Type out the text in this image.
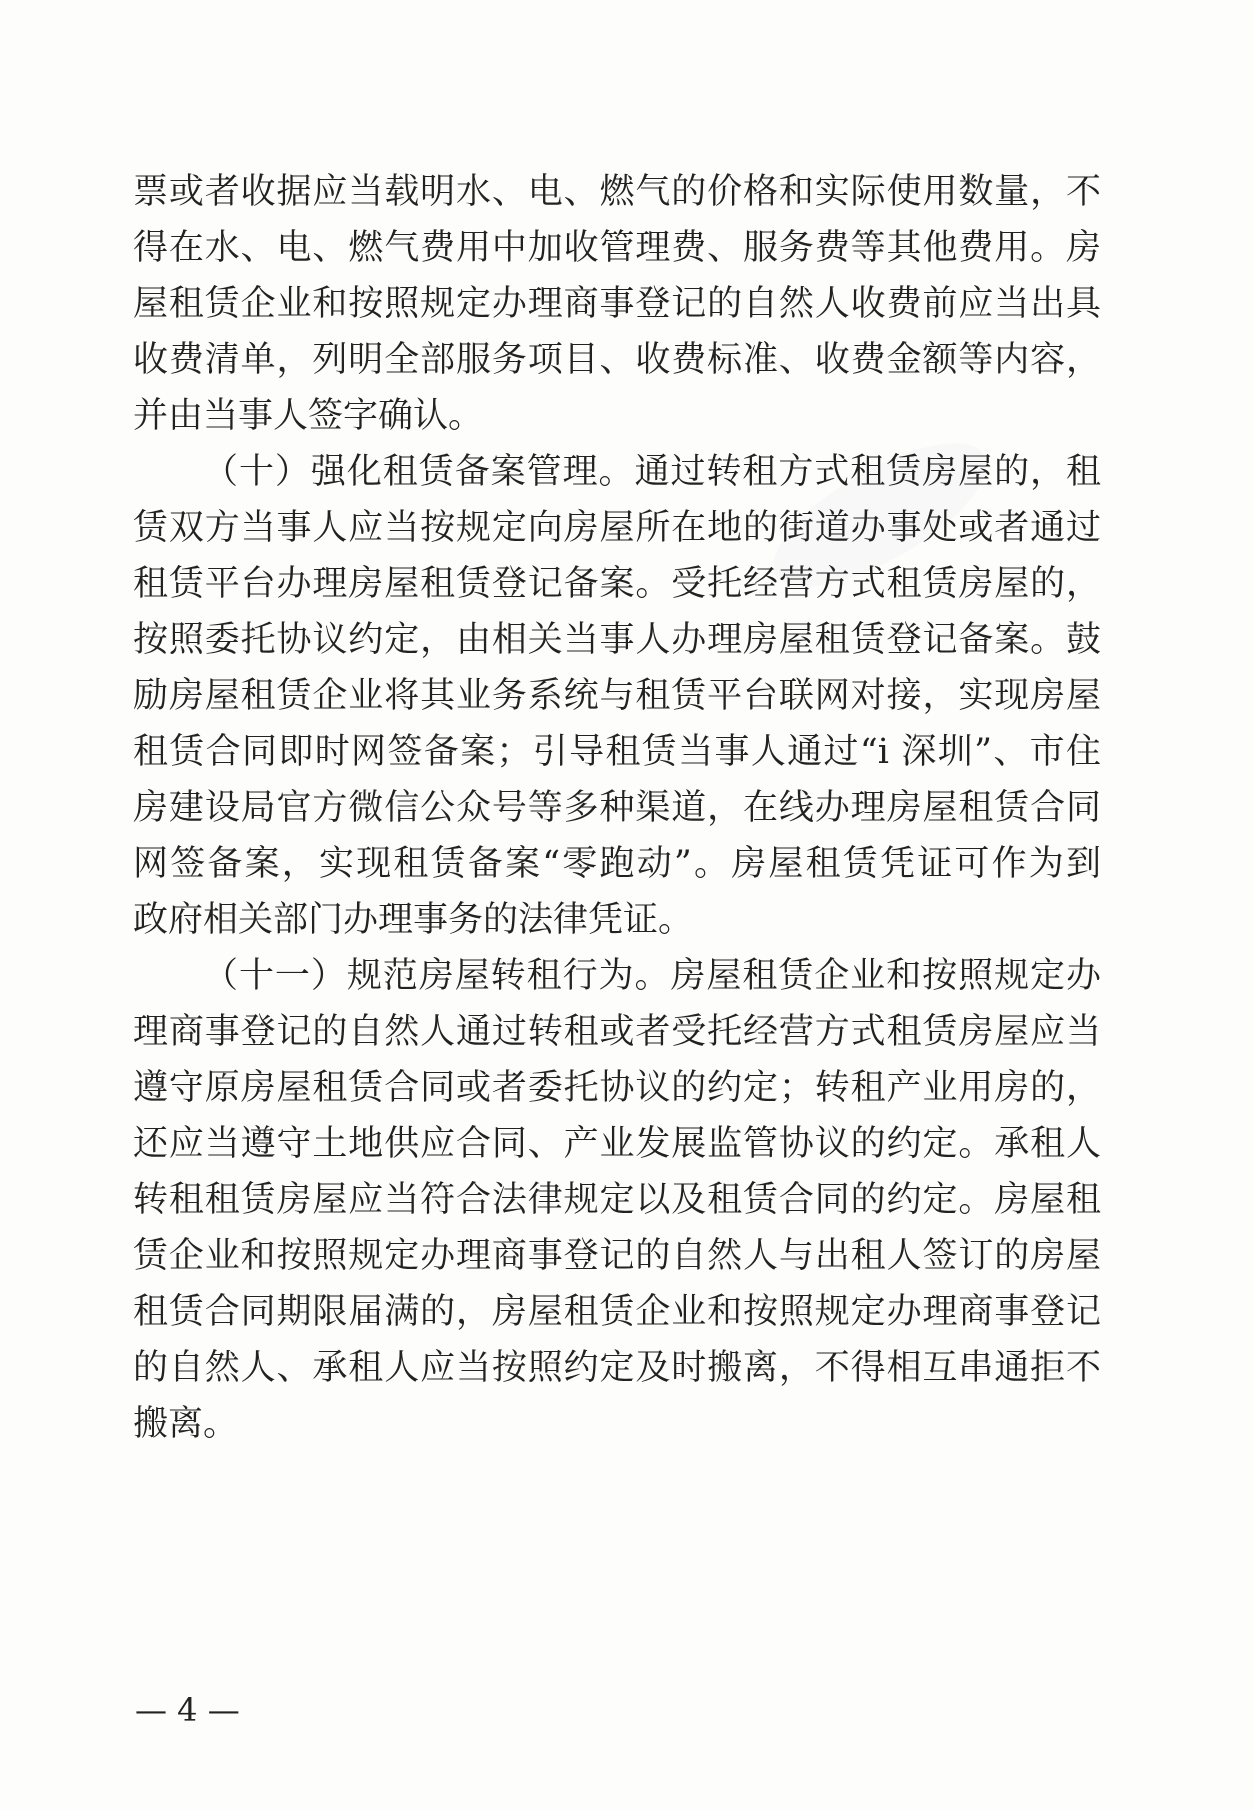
票或者收据应当载明水、电、燃气的价格和实际使用数量，不
得在水、电、燃气费用中加收管理费、服务费等其他费用。房
屋租赁企业和按照规定办理商事登记的自然人收费前应当出具
收费清单，列明全部服务项目、收费标准、收费金额等内容，
并由当事人签字确认。
（十）强化租赁备案管理。通过转租方式租赁房屋的，租
赁双方当事人应当按规定向房屋所在地的街道办事处或者通过
租赁平台办理房屋租赁登记备案。受托经营方式租赁房屋的，
按照委托协议约定，由相关当事人办理房屋租赁登记备案。鼓
励房屋租赁企业将其业务系统与租赁平台联网对接，实现房屋
租赁合同即时网签备案；引导租赁当事人通过“i 深圳”、市住
房建设局官方微信公众号等多种渠道，在线办理房屋租赁合同
网签备案，实现租赁备案“零跑动”。房屋租赁凭证可作为到
政府相关部门办理事务的法律凭证。
（十一）规范房屋转租行为。房屋租赁企业和按照规定办
理商事登记的自然人通过转租或者受托经营方式租赁房屋应当
遵守原房屋租赁合同或者委托协议的约定；转租产业用房的，
还应当遵守土地供应合同、产业发展监管协议的约定。承租人
转租租赁房屋应当符合法律规定以及租赁合同的约定。房屋租
赁企业和按照规定办理商事登记的自然人与出租人签订的房屋
租赁合同期限届满的，房屋租赁企业和按照规定办理商事登记
的自然人、承租人应当按照约定及时搬离，不得相互串通拒不
搬离。
— 4 —
